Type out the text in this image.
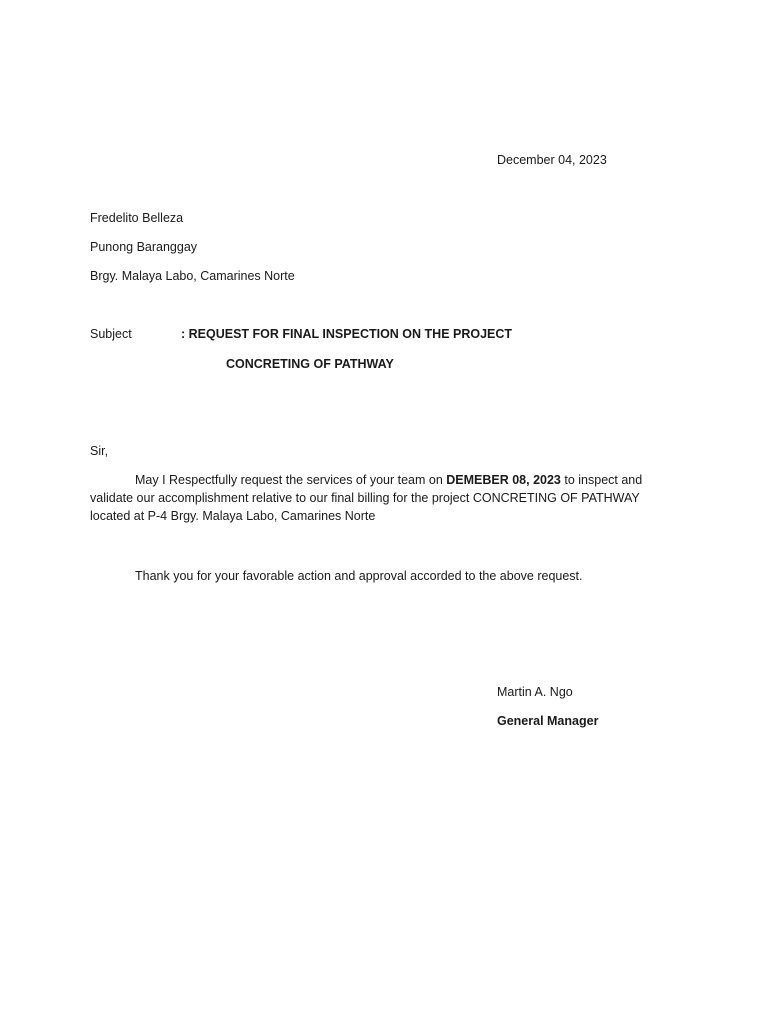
December 04, 2023
Fredelito Belleza
Punong Baranggay
Brgy. Malaya Labo, Camarines Norte
Subject	: REQUEST FOR FINAL INSPECTION ON THE PROJECT
CONCRETING OF PATHWAY
Sir,
May I Respectfully request the services of your team on DEMEBER 08, 2023 to inspect and
validate our accomplishment relative to our final billing for the project CONCRETING OF PATHWAY
located at P-4 Brgy. Malaya Labo, Camarines Norte
Thank you for your favorable action and approval accorded to the above request.
Martin A. Ngo
General Manager
